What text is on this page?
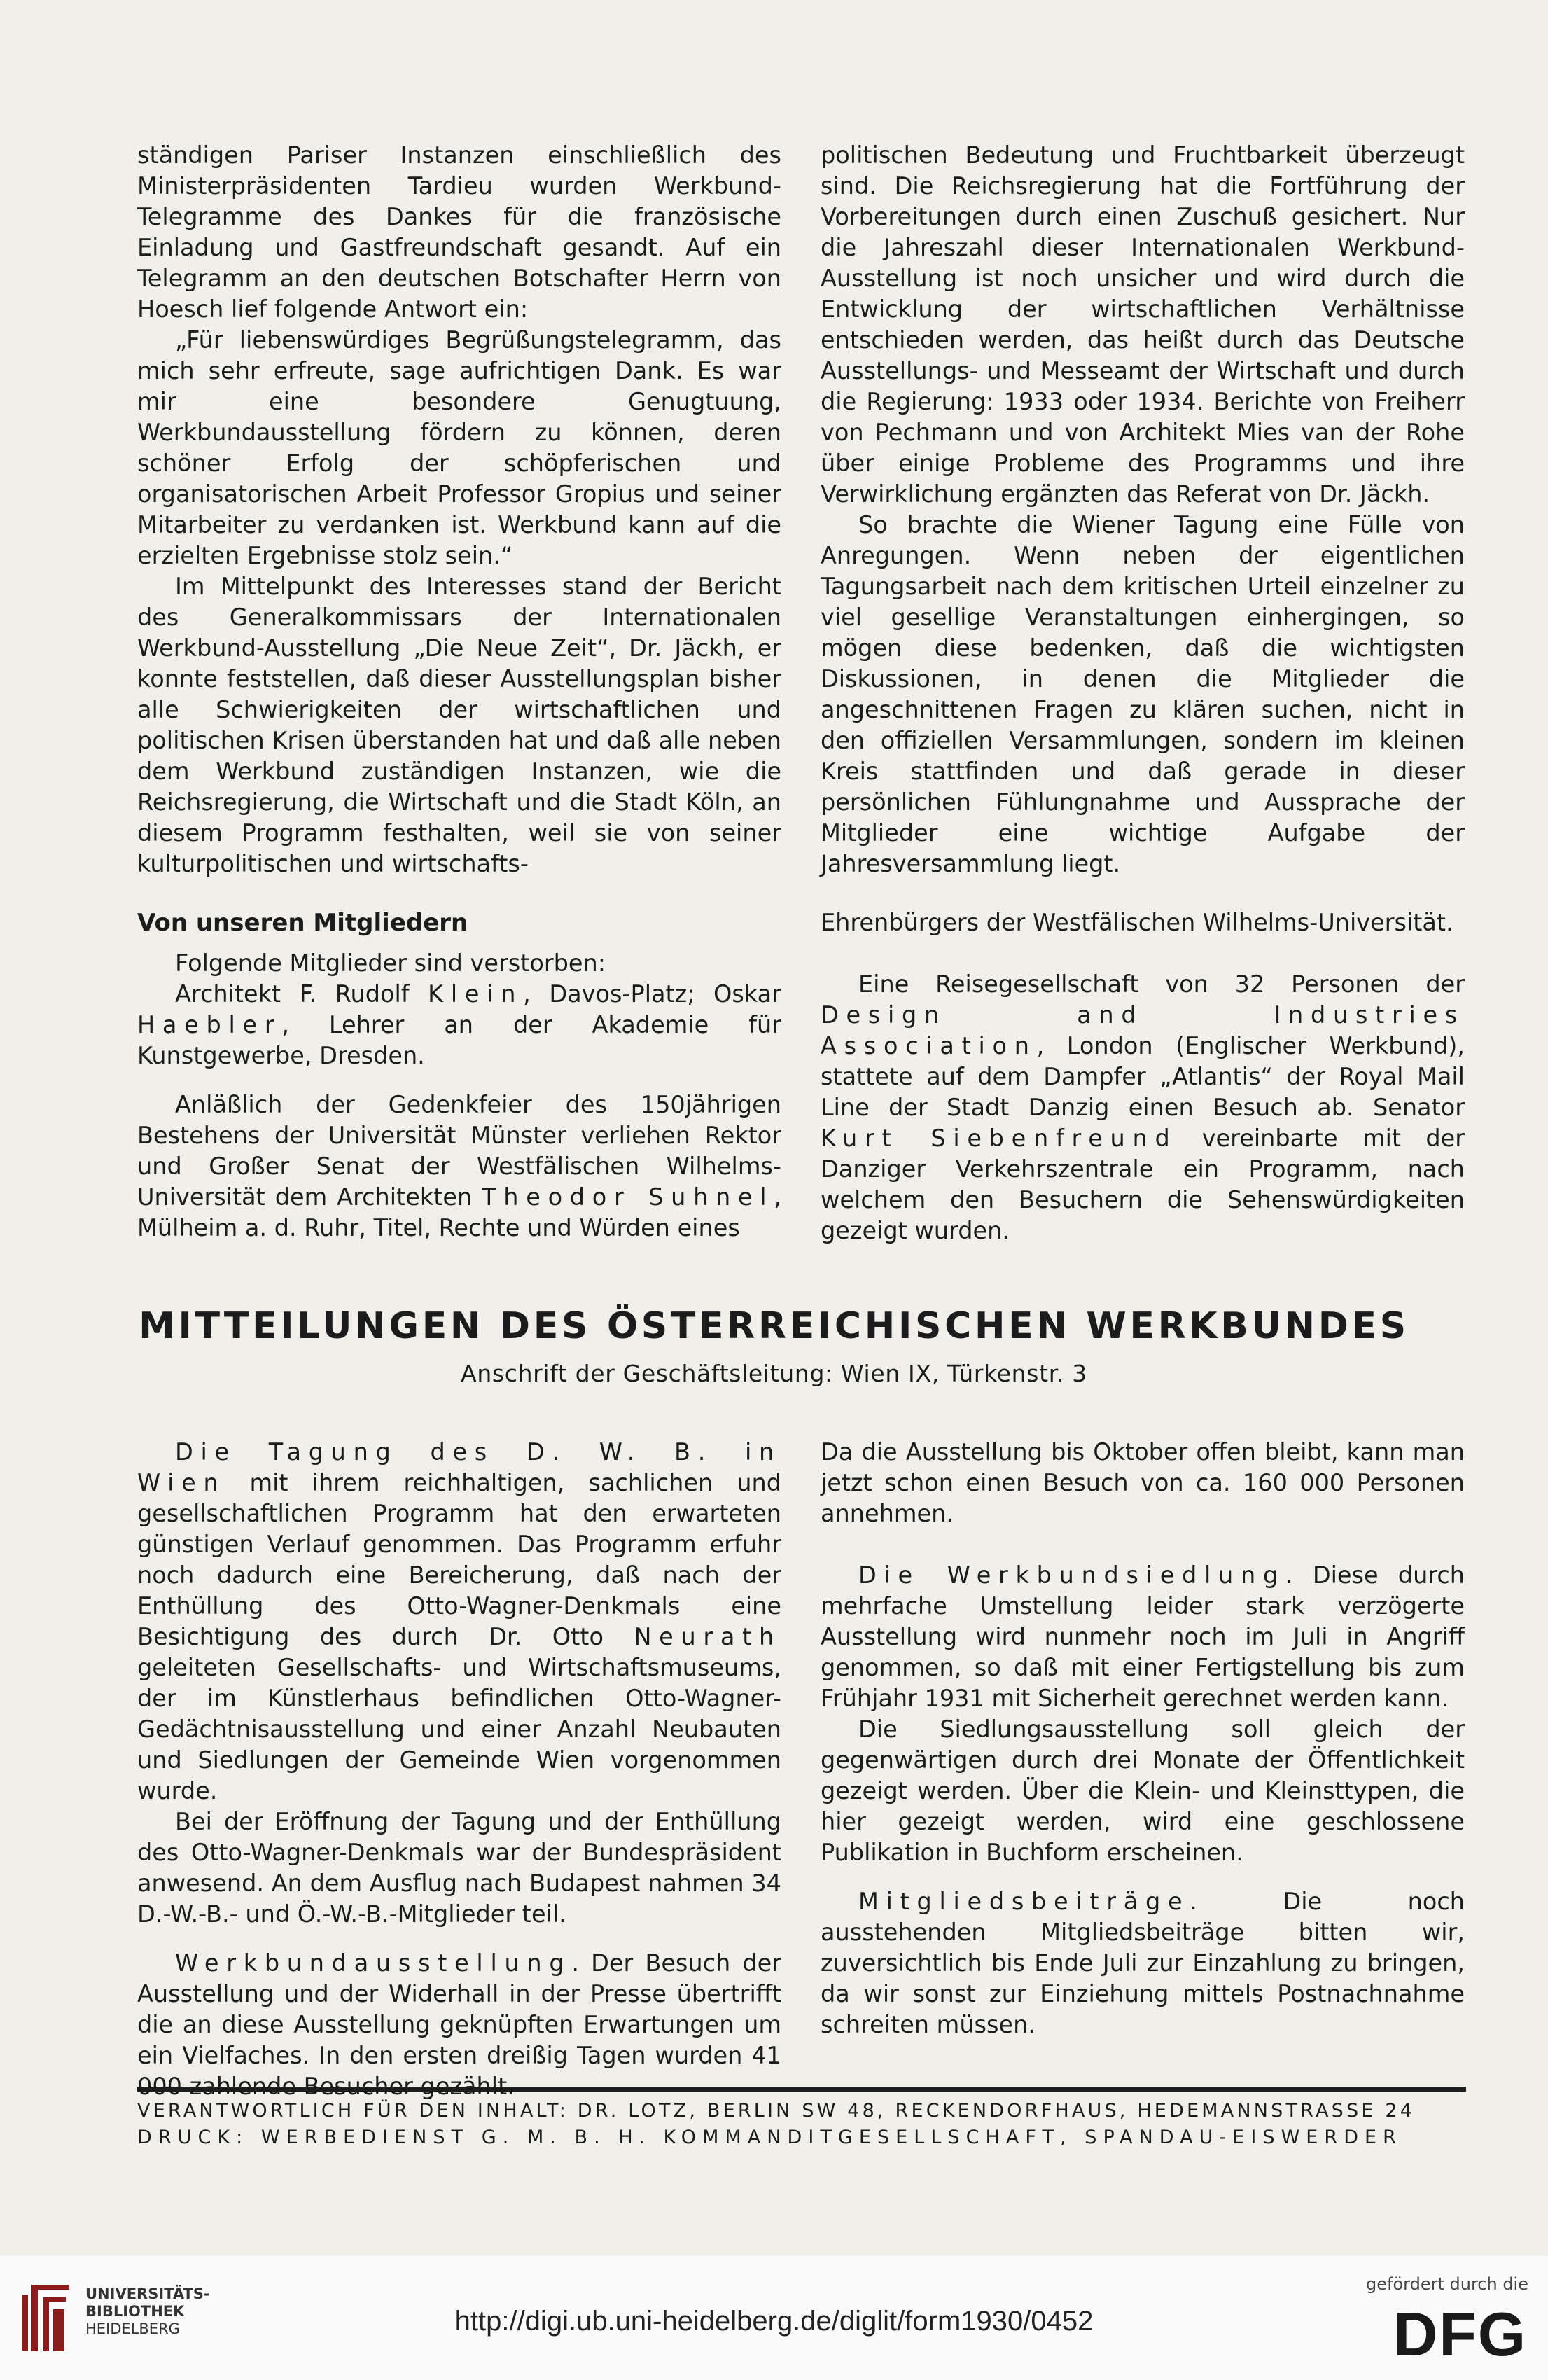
ständigen Pariser Instanzen einschließlich des Ministerpräsidenten Tardieu wurden Werkbund-Telegramme des Dankes für die französische Einladung und Gastfreundschaft gesandt. Auf ein Telegramm an den deutschen Botschafter Herrn von Hoesch lief folgende Antwort ein:

„Für liebenswürdiges Begrüßungstelegramm, das mich sehr erfreute, sage aufrichtigen Dank. Es war mir eine besondere Genugtuung, Werkbundausstellung fördern zu können, deren schöner Erfolg der schöpferischen und organisatorischen Arbeit Professor Gropius und seiner Mitarbeiter zu verdanken ist. Werkbund kann auf die erzielten Ergebnisse stolz sein.“

Im Mittelpunkt des Interesses stand der Bericht des Generalkommissars der Internationalen Werkbund-Ausstellung „Die Neue Zeit“, Dr. Jäckh, er konnte feststellen, daß dieser Ausstellungsplan bisher alle Schwierigkeiten der wirtschaftlichen und politischen Krisen überstanden hat und daß alle neben dem Werkbund zuständigen Instanzen, wie die Reichsregierung, die Wirtschaft und die Stadt Köln, an diesem Programm festhalten, weil sie von seiner kulturpolitischen und wirtschafts-

politischen Bedeutung und Fruchtbarkeit überzeugt sind. Die Reichsregierung hat die Fortführung der Vorbereitungen durch einen Zuschuß gesichert. Nur die Jahreszahl dieser Internationalen Werkbund-Ausstellung ist noch unsicher und wird durch die Entwicklung der wirtschaftlichen Verhältnisse entschieden werden, das heißt durch das Deutsche Ausstellungs- und Messeamt der Wirtschaft und durch die Regierung: 1933 oder 1934. Berichte von Freiherr von Pechmann und von Architekt Mies van der Rohe über einige Probleme des Programms und ihre Verwirklichung ergänzten das Referat von Dr. Jäckh.

So brachte die Wiener Tagung eine Fülle von Anregungen. Wenn neben der eigentlichen Tagungsarbeit nach dem kritischen Urteil einzelner zu viel gesellige Veranstaltungen einhergingen, so mögen diese bedenken, daß die wichtigsten Diskussionen, in denen die Mitglieder die angeschnittenen Fragen zu klären suchen, nicht in den offiziellen Versammlungen, sondern im kleinen Kreis stattfinden und daß gerade in dieser persönlichen Fühlungnahme und Aussprache der Mitglieder eine wichtige Aufgabe der Jahresversammlung liegt.

Von unseren Mitgliedern

Folgende Mitglieder sind verstorben:

Architekt F. Rudolf Klein, Davos-Platz; Oskar Haebler, Lehrer an der Akademie für Kunstgewerbe, Dresden.

Anläßlich der Gedenkfeier des 150jährigen Bestehens der Universität Münster verliehen Rektor und Großer Senat der Westfälischen Wilhelms-Universität dem Architekten Theodor Suhnel, Mülheim a. d. Ruhr, Titel, Rechte und Würden eines

Ehrenbürgers der Westfälischen Wilhelms-Universität.

Eine Reisegesellschaft von 32 Personen der Design and Industries Association, London (Englischer Werkbund), stattete auf dem Dampfer „Atlantis“ der Royal Mail Line der Stadt Danzig einen Besuch ab. Senator Kurt Siebenfreund vereinbarte mit der Danziger Verkehrszentrale ein Programm, nach welchem den Besuchern die Sehenswürdigkeiten gezeigt wurden.

MITTEILUNGEN DES ÖSTERREICHISCHEN WERKBUNDES

Anschrift der Geschäftsleitung: Wien IX, Türkenstr. 3

Die Tagung des D. W. B. in Wien mit ihrem reichhaltigen, sachlichen und gesellschaftlichen Programm hat den erwarteten günstigen Verlauf genommen. Das Programm erfuhr noch dadurch eine Bereicherung, daß nach der Enthüllung des Otto-Wagner-Denkmals eine Besichtigung des durch Dr. Otto Neurath geleiteten Gesellschafts- und Wirtschaftsmuseums, der im Künstlerhaus befindlichen Otto-Wagner-Gedächtnisausstellung und einer Anzahl Neubauten und Siedlungen der Gemeinde Wien vorgenommen wurde.

Bei der Eröffnung der Tagung und der Enthüllung des Otto-Wagner-Denkmals war der Bundespräsident anwesend. An dem Ausflug nach Budapest nahmen 34 D.-W.-B.- und Ö.-W.-B.-Mitglieder teil.

Werkbundausstellung. Der Besuch der Ausstellung und der Widerhall in der Presse übertrifft die an diese Ausstellung geknüpften Erwartungen um ein Vielfaches. In den ersten dreißig Tagen wurden 41

Da die Ausstellung bis Oktober offen bleibt, kann man jetzt schon einen Besuch von ca. 160 000 Personen annehmen.

Die Werkbundsiedlung. Diese durch mehrfache Umstellung leider stark verzögerte Ausstellung wird nunmehr noch im Juli in Angriff genommen, so daß mit einer Fertigstellung bis zum Frühjahr 1931 mit Sicherheit gerechnet werden kann.

Die Siedlungsausstellung soll gleich der gegenwärtigen durch drei Monate der Öffentlichkeit gezeigt werden. Über die Klein- und Kleinsttypen, die hier gezeigt werden, wird eine geschlossene Publikation in Buchform erscheinen.

Mitgliedsbeiträge. Die noch ausstehenden Mitgliedsbeiträge bitten wir, zuversichtlich bis Ende Juli zur Einzahlung zu bringen, da wir sonst zur Einziehung mittels Postnachnahme schreiten müssen.

VERANTWORTLICH FÜR DEN INHALT: DR. LOTZ, BERLIN SW 48, RECKENDORFHAUS, HEDEMANNSTRASSE 24

DRUCK: WERBEDIENST G. M. B. H. KOMMANDITGESELLSCHAFT, SPANDAU-EISWERDER

UNIVERSITÄTS-
BIBLIOTHEK
HEIDELBERG	http://digi.ub.uni-heidelberg.de/diglit/form1930/0452

gefördert durch die

DFG
